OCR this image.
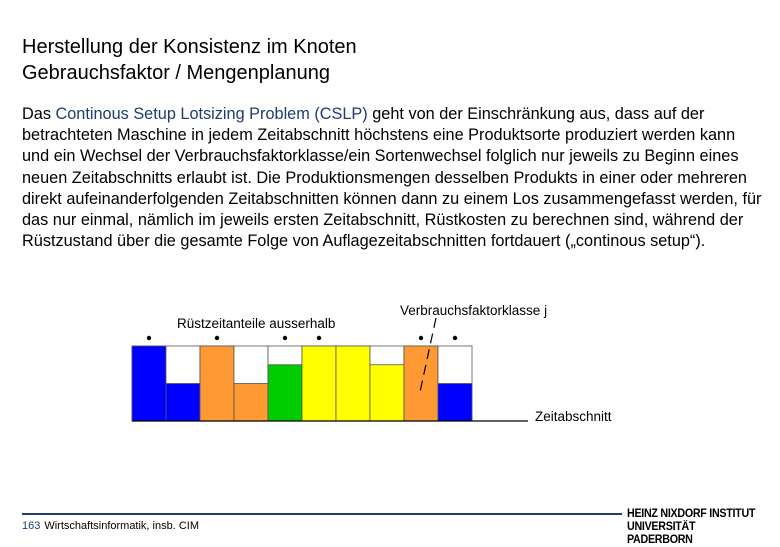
Herstellung der Konsistenz im Knoten
Gebrauchsfaktor / Mengenplanung
Das Continous Setup Lotsizing Problem (CSLP) geht von der Einschränkung aus, dass auf der betrachteten Maschine in jedem Zeitabschnitt höchstens eine Produktsorte produziert werden kann und ein Wechsel der Verbrauchsfaktorklasse/ein Sortenwechsel folglich nur jeweils zu Beginn eines neuen Zeitabschnitts erlaubt ist. Die Produktionsmengen desselben Produkts in einer oder mehreren direkt aufeinanderfolgenden Zeitabschnitten können dann zu einem Los zusammengefasst werden, für das nur einmal, nämlich im jeweils ersten Zeitabschnitt, Rüstkosten zu berechnen sind, während der Rüstzustand über die gesamte Folge von Auflagezeitabschnitten fortdauert („continous setup“).
Rüstzeitanteile ausserhalb
Verbrauchsfaktorklasse j
Zeitabschnitt
163 Wirtschaftsinformatik, insb. CIM
HEINZ NIXDORF INSTITUT
UNIVERSITÄT PADERBORN
